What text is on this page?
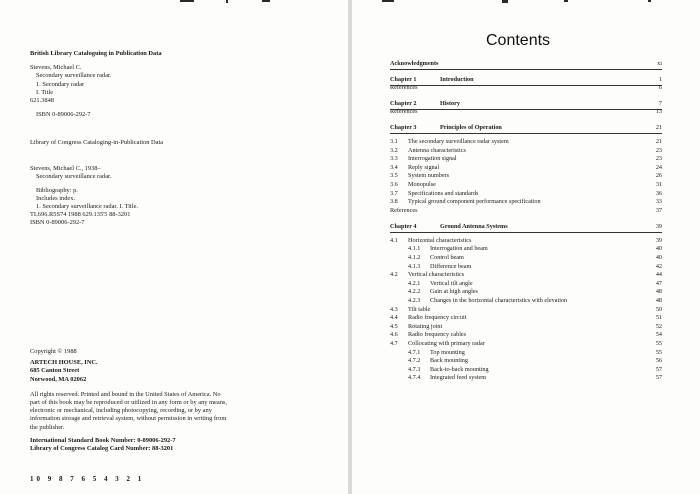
British Library Cataloguing in Publication Data
Stevens, Michael C.
Secondary surveillance radar.
1. Secondary radar
I. Title
621.3848
ISBN 0-89006-292-7
Library of Congress Cataloging-in-Publication Data
Stevens, Michael C., 1938–
Secondary surveillance radar.
Bibliography: p.
Includes index.
1. Secondary surveillance radar. I. Title.
TL696.R5S74 1988 629.135'5 88-3201
ISBN 0-89006-292-7
Copyright © 1988
ARTECH HOUSE, INC.
685 Canton Street
Norwood, MA 02062
All rights reserved. Printed and bound in the United States of America. No
part of this book may be reproduced or utilized in any form or by any means,
electronic or mechanical, including photocopying, recording, or by any
information storage and retrieval system, without permission in writing from
the publisher.
International Standard Book Number: 0-89006-292-7
Library of Congress Catalog Card Number: 88-3201
10 9 8 7 6 5 4 3 2 1
Acknowledgments	xi
Chapter 1	Introduction	1
References	6
Chapter 2	History	7
References	13
Chapter 3	Principles of Operation	21
3.1 The secondary surveillance radar system	21
3.2 Antenna characteristics	23
3.3 Interrogation signal	23
3.4 Reply signal	24
3.5 System numbers	26
3.6 Monopulse	31
3.7 Specifications and standards	36
3.8 Typical ground component performance specification	33
References	37
Chapter 4	Ground Antenna Systems	39
4.1 Horizontal characteristics	39
4.1.1 Interrogation and beam	40
4.1.2 Control beam	40
4.1.3 Difference beam	42
4.2 Vertical characteristics	44
4.2.1 Vertical tilt angle	47
4.2.2 Gain at high angles	48
4.2.3 Changes in the horizontal characteristics with elevation	48
4.3 Tilt table	50
4.4 Radio frequency circuit	51
4.5 Rotating joint	52
4.6 Radio frequency cables	54
4.7 Collocating with primary radar	55
4.7.1 Top mounting	55
4.7.2 Back mounting	56
4.7.3 Back-to-back mounting	57
4.7.4 Integrated feed system	57
Contents
